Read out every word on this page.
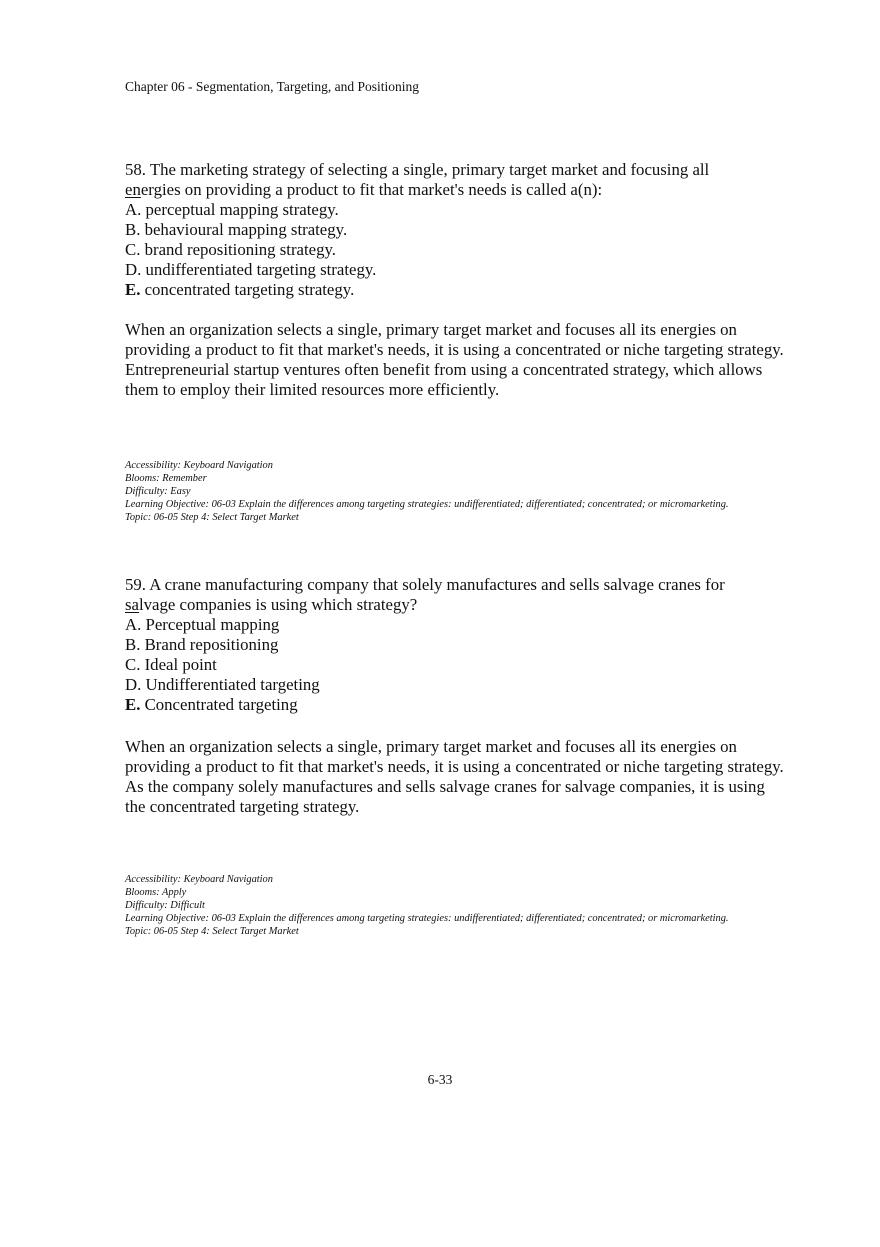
Chapter 06 - Segmentation, Targeting, and Positioning

58. The marketing strategy of selecting a single, primary target market and focusing all

energies on providing a product to fit that market's needs is called a(n):

A. perceptual mapping strategy.

B. behavioural mapping strategy.

C. brand repositioning strategy.

D. undifferentiated targeting strategy.

E. concentrated targeting strategy.

When an organization selects a single, primary target market and focuses all its energies on providing a product to fit that market's needs, it is using a concentrated or niche targeting strategy. Entrepreneurial startup ventures often benefit from using a concentrated strategy, which allows them to employ their limited resources more efficiently.

Accessibility: Keyboard Navigation

Blooms: Remember

Difficulty: Easy

Learning Objective: 06-03 Explain the differences among targeting strategies: undifferentiated; differentiated; concentrated; or micromarketing.

Topic: 06-05 Step 4: Select Target Market

59. A crane manufacturing company that solely manufactures and sells salvage cranes for

salvage companies is using which strategy?

A. Perceptual mapping

B. Brand repositioning

C. Ideal point

D. Undifferentiated targeting

E. Concentrated targeting

When an organization selects a single, primary target market and focuses all its energies on providing a product to fit that market's needs, it is using a concentrated or niche targeting strategy. As the company solely manufactures and sells salvage cranes for salvage companies, it is using the concentrated targeting strategy.

Accessibility: Keyboard Navigation

Blooms: Apply

Difficulty: Difficult

Learning Objective: 06-03 Explain the differences among targeting strategies: undifferentiated; differentiated; concentrated; or micromarketing.

Topic: 06-05 Step 4: Select Target Market

6-33
